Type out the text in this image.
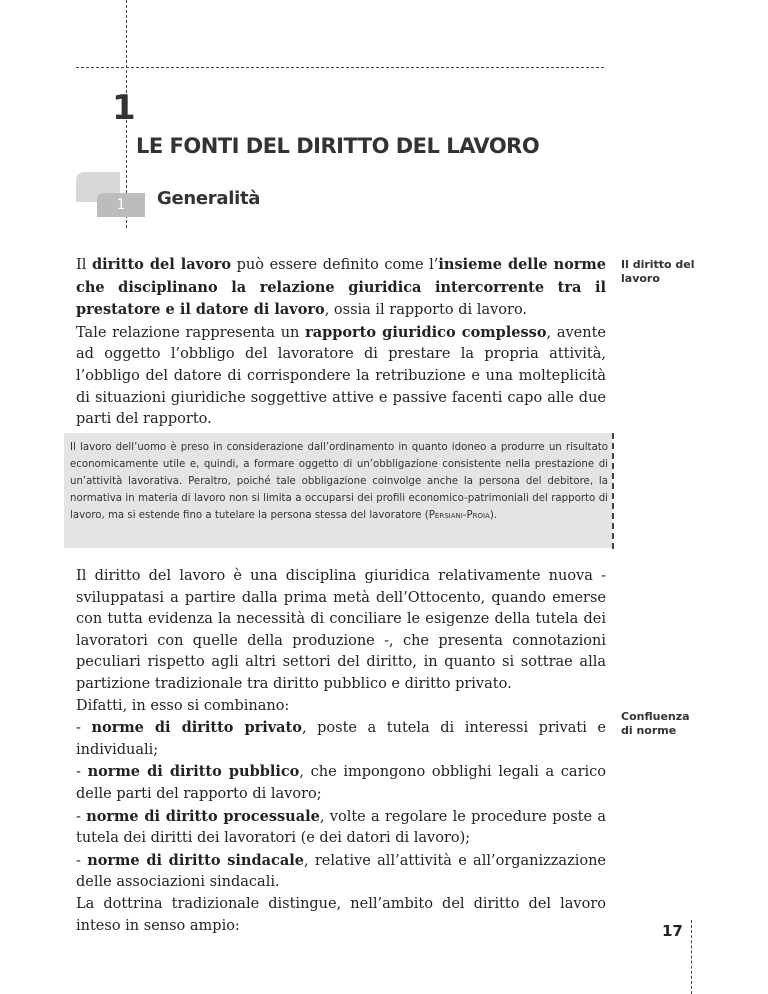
1
LE FONTI DEL DIRITTO DEL LAVORO
1	Generalità

Il diritto del lavoro può essere definito come l’insieme delle norme che disciplinano la relazione giuridica intercorrente tra il prestatore e il datore di lavoro, ossia il rapporto di lavoro.

Tale relazione rappresenta un rapporto giuridico complesso, avente ad oggetto l’obbligo del lavoratore di prestare la propria attività, l’obbligo del datore di corrispondere la retribuzione e una molteplicità di situazioni giuridiche soggettive attive e passive facenti capo alle due parti del rapporto.

Il diritto del lavoro
Il lavoro dell’uomo è preso in considerazione dall’ordinamento in quanto idoneo a produrre un risultato economicamente utile e, quindi, a formare oggetto di un’obbligazione consistente nella prestazione di un’attività lavorativa. Peraltro, poiché tale obbligazione coinvolge anche la persona del debitore, la normativa in materia di lavoro non si limita a occuparsi dei profili economico-patrimoniali del rapporto di lavoro, ma si estende fino a tutelare la persona stessa del lavoratore (Persiani-Proia).

Il diritto del lavoro è una disciplina giuridica relativamente nuova - sviluppatasi a partire dalla prima metà dell’Ottocento, quando emerse con tutta evidenza la necessità di conciliare le esigenze della tutela dei lavoratori con quelle della produzione -, che presenta connotazioni peculiari rispetto agli altri settori del diritto, in quanto si sottrae alla partizione tradizionale tra diritto pubblico e diritto privato.

Difatti, in esso si combinano:

- norme di diritto privato, poste a tutela di interessi privati e individuali;

- norme di diritto pubblico, che impongono obblighi legali a carico delle parti del rapporto di lavoro;

- norme di diritto processuale, volte a regolare le procedure poste a tutela dei diritti dei lavoratori (e dei datori di lavoro);

- norme di diritto sindacale, relative all’attività e all’organizzazione delle associazioni sindacali.

La dottrina tradizionale distingue, nell’ambito del diritto del lavoro inteso in senso ampio:

Confluenza di norme
17
